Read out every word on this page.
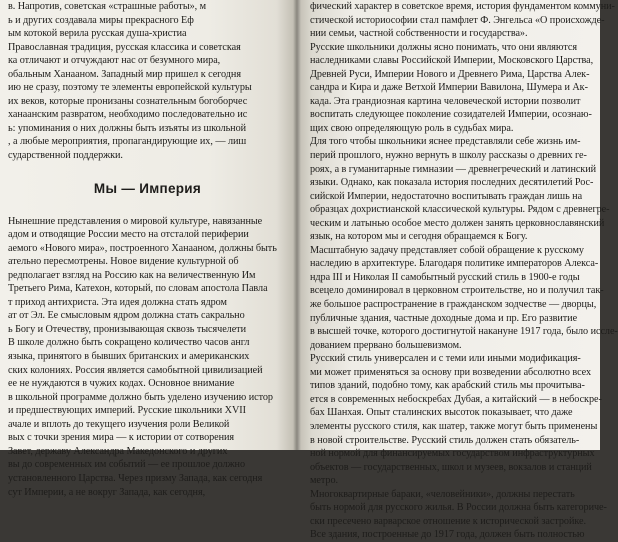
в. Напротив, советская «страшные работы», м
ь и других создавала миры прекрасного Еф
ым котокой верила русская душа-христиа
Православная традиция, русская классика и советская
ка отличают и отчуждают нас от безумного мира,
обальным Ханааном. Западный мир пришел к сегодня
ию не сразу, поэтому те элементы европейской культуры
их веков, которые пронизаны сознательным богоборчес
ханаанским развратом, необходимо последовательно ис
ь: упоминания о них должны быть изъяты из школьной
, а любые мероприятия, пропагандирующие их, — лиш
сударственной поддержки.
Мы — Империя
Нынешние представления о мировой культуре, навязанные
адом и отводящие России место на отсталой периферии
аемого «Нового мира», построенного Ханааном, должны быть
ательно пересмотрены. Новое видение культурной об
редполагает взгляд на Россию как на величественную Им
Третьего Рима, Катехон, который, по словам апостола Павла
т приход антихриста. Эта идея должна стать ядром
ат от Эл. Ее смысловым ядром должна стать сакрально
ь Богу и Отечеству, пронизывающая сквозь тысячелети
В школе должно быть сокращено количество часов англ
языка, принятого в бывших британских и американских
ских колониях. Россия является самобытной цивилизацией
ее не нуждаются в чужих кодах. Основное внимание
в школьной программе должно быть уделено изучению истор
и предшествующих империй. Русские школьники XVII
ачале и вплоть до текущего изучения роли Великой
вых с точки зрения мира — к истории от сотворения
Завет, державу Александра Македонского и других
вы до современных им событий — ее прошлое должно
установленного Царства. Через призму Запада, как сегодня
сут Империи, а не вокруг Запада, как сегодня,
фический характер в советское время, история фундаментом коммуни-
стической историософии стал памфлет Ф. Энгельса «О происхожде-
нии семьи, частной собственности и государства».
Русские школьники должны ясно понимать, что они являются
наследниками славы Российской Империи, Московского Царства,
Древней Руси, Империи Нового и Древнего Рима, Царства Алек-
сандра и Кира и даже Ветхой Империи Вавилона, Шумера и Ак-
када. Эта грандиозная картина человеческой истории позволит
воспитать следующее поколение созидателей Империи, осознаю-
щих свою определяющую роль в судьбах мира.
Для того чтобы школьники яснее представляли себе жизнь им-
перий прошлого, нужно вернуть в школу рассказы о древних ге-
роях, а в гуманитарные гимназии — древнегреческий и латинский
языки. Однако, как показала история последних десятилетий Рос-
сийской Империи, недостаточно воспитывать граждан лишь на
образцах дохристианской классической культуры. Рядом с древнегре-
ческим и латынью особое место должен занять церковнославянский
язык, на котором мы и сегодня обращаемся к Богу.
Масштабную задачу представляет собой обращение к русскому
наследию в архитектуре. Благодаря политике императоров Алекса-
ндра III и Николая II самобытный русский стиль в 1900-е годы
всецело доминировал в церковном строительстве, но и получил так-
же большое распространение в гражданском зодчестве — дворцы,
публичные здания, частные доходные дома и пр. Его развитие
в высшей точке, которого достигнутой накануне 1917 года, было иссле-
дованием прервано большевизмом.
Русский стиль универсален и с теми или иными модификация-
ми может применяться за основу при возведении абсолютно всех
типов зданий, подобно тому, как арабский стиль мы прочитыва-
ется в современных небоскребах Дубая, а китайский — в небоскре-
бах Шанхая. Опыт сталинских высоток показывает, что даже
элементы русского стиля, как шатер, также могут быть применены
в новой строительстве. Русский стиль должен стать обязатель-
ной нормой для финансируемых государством инфраструктурных
объектов — государственных, школ и музеев, вокзалов и станций
метро.
Многоквартирные бараки, «человейники», должны перестать
быть нормой для русского жилья. В России должна быть категориче-
ски пресечено варварское отношение к исторической застройке.
Все здания, построенные до 1917 года, должен быть полностью
